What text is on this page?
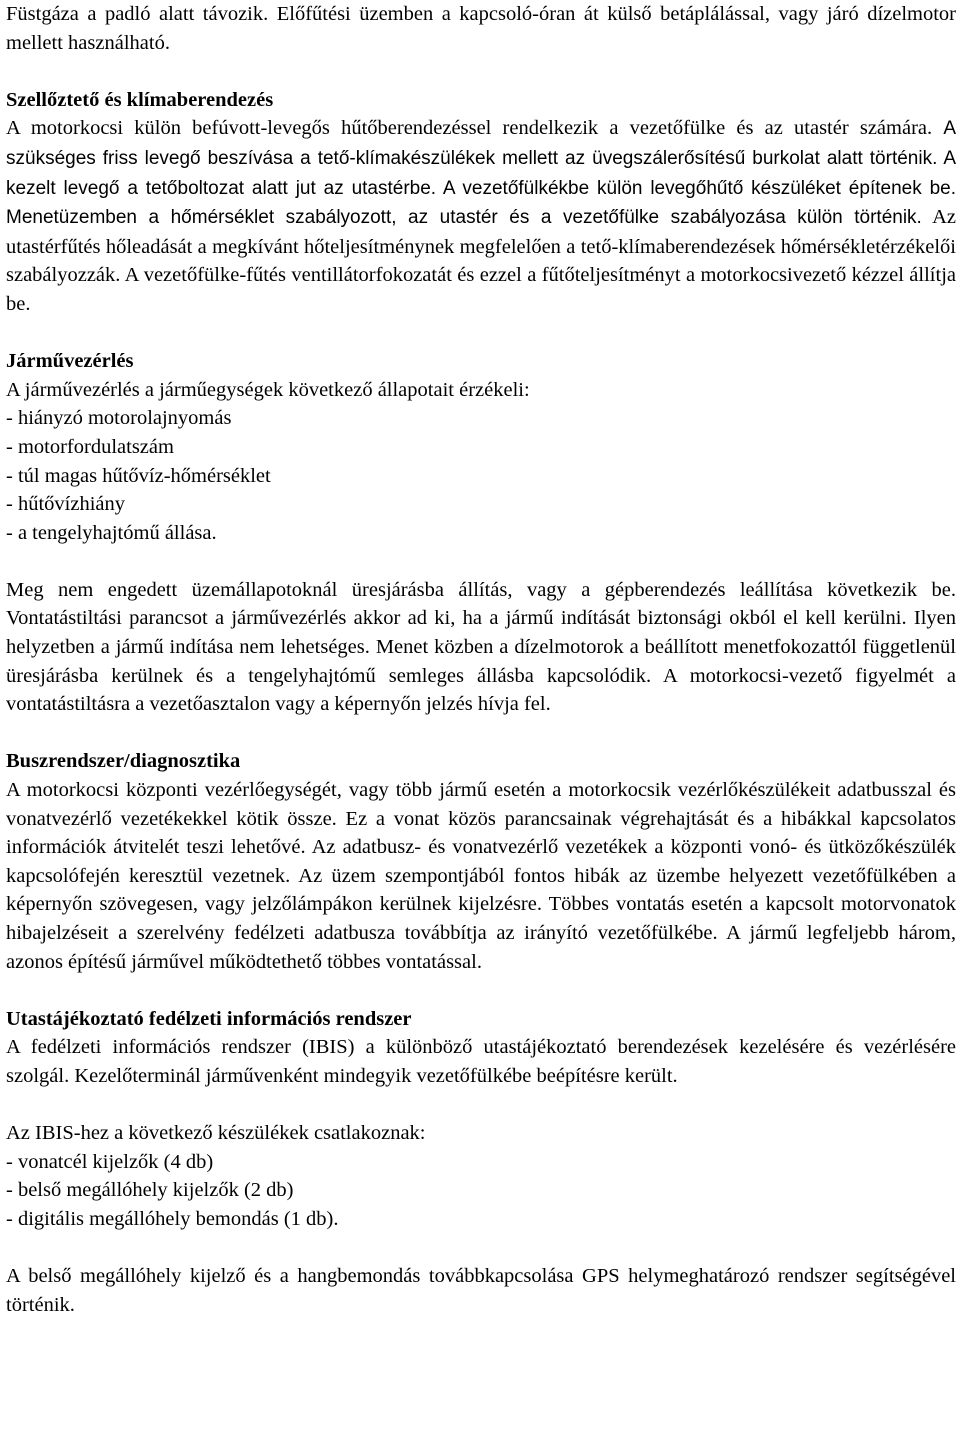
Füstgáza a padló alatt távozik. Előfűtési üzemben a kapcsoló-óran át külső betáplálással, vagy járó dízelmotor mellett használható.

Szellőztető és klímaberendezés

A motorkocsi külön befúvott-levegős hűtőberendezéssel rendelkezik a vezetőfülke és az utastér számára. A szükséges friss levegő beszívása a tető-klímakészülékek mellett az üvegszálerősítésű burkolat alatt történik. A kezelt levegő a tetőboltozat alatt jut az utastérbe. A vezetőfülkékbe külön levegőhűtő készüléket építenek be. Menetüzemben a hőmérséklet szabályozott, az utastér és a vezetőfülke szabályozása külön történik. Az utastérfűtés hőleadását a megkívánt hőteljesítménynek megfelelően a tető-klímaberendezések hőmérsékletérzékelői szabályozzák. A vezetőfülke-fűtés ventillátorfokozatát és ezzel a fűtőteljesítményt a motorkocsivezető kézzel állítja be.

Járművezérlés

A járművezérlés a járműegységek következő állapotait érzékeli:

- hiányzó motorolajnyomás
- motorfordulatszám
- túl magas hűtővíz-hőmérséklet
- hűtővízhiány
- a tengelyhajtómű állása.

Meg nem engedett üzemállapotoknál üresjárásba állítás, vagy a gépberendezés leállítása következik be. Vontatástiltási parancsot a járművezérlés akkor ad ki, ha a jármű indítását biztonsági okból el kell kerülni. Ilyen helyzetben a jármű indítása nem lehetséges. Menet közben a dízelmotorok a beállított menetfokozattól függetlenül üresjárásba kerülnek és a tengelyhajtómű semleges állásba kapcsolódik. A motorkocsi-vezető figyelmét a vontatástiltásra a vezetőasztalon vagy a képernyőn jelzés hívja fel.

Buszrendszer/diagnosztika

A motorkocsi központi vezérlőegységét, vagy több jármű esetén a motorkocsik vezérlőkészülékeit adatbusszal és vonatvezérlő vezetékekkel kötik össze. Ez a vonat közös parancsainak végrehajtását és a hibákkal kapcsolatos információk átvitelét teszi lehetővé. Az adatbusz- és vonatvezérlő vezetékek a központi vonó- és ütközőkészülék kapcsolófején keresztül vezetnek. Az üzem szempontjából fontos hibák az üzembe helyezett vezetőfülkében a képernyőn szövegesen, vagy jelzőlámpákon kerülnek kijelzésre. Többes vontatás esetén a kapcsolt motorvonatok hibajelzéseit a szerelvény fedélzeti adatbusza továbbítja az irányító vezetőfülkébe. A jármű legfeljebb három, azonos építésű járművel működtethető többes vontatással.

Utastájékoztató fedélzeti információs rendszer

A fedélzeti információs rendszer (IBIS) a különböző utastájékoztató berendezések kezelésére és vezérlésére szolgál. Kezelőterminál járművenként mindegyik vezetőfülkébe beépítésre került.

Az IBIS-hez a következő készülékek csatlakoznak:

- vonatcél kijelzők (4 db)
- belső megállóhely kijelzők (2 db)
- digitális megállóhely bemondás (1 db).

A belső megállóhely kijelző és a hangbemondás továbbkapcsolása GPS helymeghatározó rendszer segítségével történik.
